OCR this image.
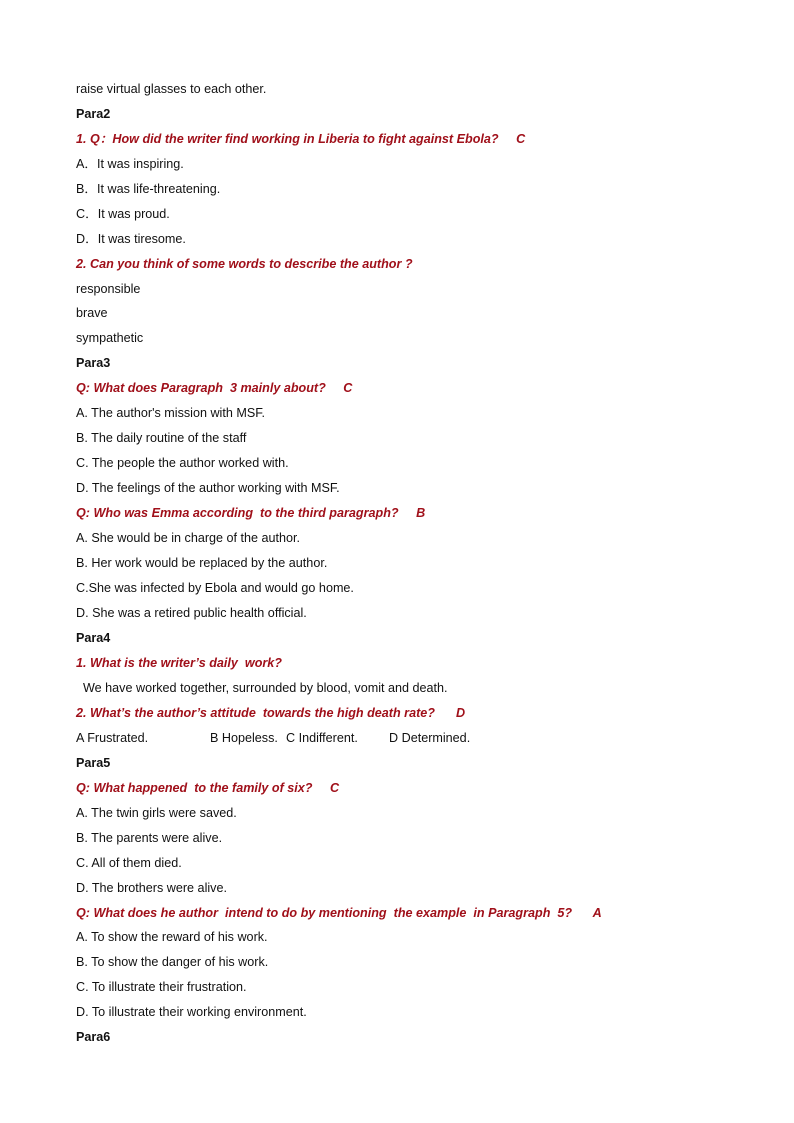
raise virtual glasses to each other.
Para2
1. Q：How did the writer find working in Liberia to fight against Ebola?     C
A．It was inspiring.
B．It was life-threatening.
C．It was proud.
D．It was tiresome.
2. Can you think of some words to describe the author ?
responsible
brave
sympathetic
Para3
Q: What does Paragraph  3 mainly about?     C
A. The author's mission with MSF.
B. The daily routine of the staff
C. The people the author worked with.
D. The feelings of the author working with MSF.
Q: Who was Emma according  to the third paragraph?     B
A. She would be in charge of the author.
B. Her work would be replaced by the author.
C.She was infected by Ebola and would go home.
D. She was a retired public health official.
Para4
1. What is the writer’s daily  work?
We have worked together, surrounded by blood, vomit and death.
2. What’s the author’s attitude  towards the high death rate?      D
A Frustrated.	B Hopeless. C Indifferent.	D Determined.
Para5
Q: What happened  to the family of six?     C
A. The twin girls were saved.
B. The parents were alive.
C. All of them died.
D. The brothers were alive.
Q: What does he author  intend to do by mentioning  the example  in Paragraph  5?      A
A. To show the reward of his work.
B. To show the danger of his work.
C. To illustrate their frustration.
D. To illustrate their working environment.
Para6
